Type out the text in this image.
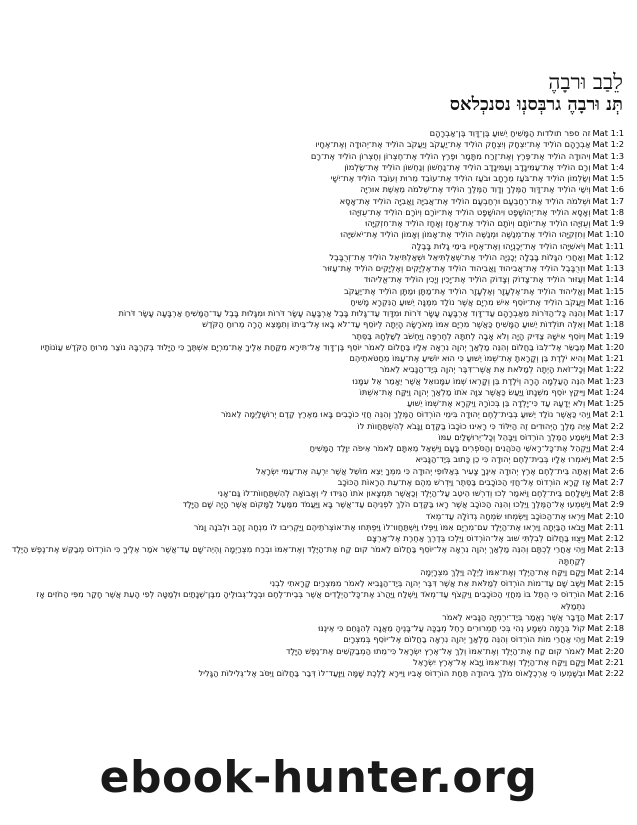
לֵבַב וּרבָהֶ
תְּנ וּרבָהֶ גרבְּסנְוּ נסנכְלאס
Mat 1:1
זה ספר תולדות הַמָּשִׁיחַ יֵשׁוּעַ בֶּן־דָּוִד בֶּן־אַבְרָהָם
Mat 1:2
אַבְרָהָם הוֹלִיד אֶת־יִצְחָק וְיִצְחָק הוֹלִיד אֶת־יַעֲקֹב וְיַעֲקֹב הוֹלִיד אֶת־יְהוּדָה וְאֶת־אֶחָיו
Mat 1:3
וִיהוּדָה הוֹלִיד אֶת־פֶּרֶץ וְאֶת־זֶרַח מִתָּמָר וּפֶרֶץ הוֹלִיד אֶת־חֶצְרוֹן וְחֶצְרוֹן הוֹלִיד אֶת־רָם
Mat 1:4
וְרָם הוֹלִיד אֶת־עַמִּינָדָב וְעַמִּינָדָב הוֹלִיד אֶת־נַחְשׁוֹן וְנַחְשׁוֹן הוֹלִיד אֶת־שַׂלְמוֹן
Mat 1:5
וְשַׂלְמוֹן הוֹלִיד אֶת־בֹּעַז מֵרָחָב וּבֹעַז הוֹלִיד אֶת־עוֹבֵד מֵרוּת וְעוֹבֵד הוֹלִיד אֶת־יִשָׁי
Mat 1:6
וְיִשַׁי הוֹלִיד אֶת־דָּוִד הַמֶּלֶךְ וְדָוִד הַמֶּלֶךְ הוֹלִיד אֶת־שְׁלֹמֹה מֵאֵשֶׁת אוּרִיָּה
Mat 1:7
וּשְׁלֹמֹה הוֹלִיד אֶת־רְחַבְעָם וּרְחַבְעָם הוֹלִיד אֶת־אֲבִיָּה וַאֲבִיָּה הוֹלִיד אֶת־אָסָא
Mat 1:8
וְאָסָא הוֹלִיד אֶת־יְהוֹשָׁפָט וִיהוֹשָׁפָט הוֹלִיד אֶת־יוֹרָם וְיוֹרָם הוֹלִיד אֶת־עֻזִּיָּהוּ
Mat 1:9
וְעֻזִּיָּהוּ הוֹלִיד אֶת־יוֹתָם וְיוֹתָם הוֹלִיד אֶת־אָחָז וְאָחָז הוֹלִיד אֶת־חִזְקִיָּהוּ
Mat 1:10
וְחִזְקִיָּהוּ הוֹלִיד אֶת־מְנַשֶּׁה וּמְנַשֶּׁה הוֹלִיד אֶת־אָמוֹן וְאָמוֹן הוֹלִיד אֶת־יֹאשִׁיָּהוּ
Mat 1:11
וְיֹאשִׁיָּהוּ הוֹלִיד אֶת־יְכָנְיָהוּ וְאֶת־אֶחָיו בִּימֵי גָלוּת בָּבֶלָה
Mat 1:12
וְאַחֲרֵי הִגָּלוֹת בָּבֶלָה יְכָנְיָה הוֹלִיד אֶת־שְׁאַלְתִּיאֵל וּשְׁאַלְתִּיאֵל הוֹלִיד אֶת־זְרֻבָּבֶל
Mat 1:13
וּזְרֻבָּבֶל הוֹלִיד אֶת־אֲבִיהוּד וַאֲבִיהוּד הוֹלִיד אֶת־אֶלְיָקִים וְאֶלְיָקִים הוֹלִיד אֶת־עַזּוּר
Mat 1:14
וְעַזּוּר הוֹלִיד אֶת־צָדוֹק וְצָדוֹק הוֹלִיד אֶת־יָכִין וְיָכִין הוֹלִיד אֶת־אֱלִיהוּד
Mat 1:15
וֶאֱלִיהוּד הוֹלִיד אֶת־אֶלְעָזָר וְאֶלְעָזָר הוֹלִיד אֶת־מַתָּן וּמַתָּן הוֹלִיד אֶת־יַעֲקֹב
Mat 1:16
וְיַעֲקֹב הוֹלִיד אֶת־יוֹסֵף אִישׁ מִרְיָם אֲשֶׁר נוֹלַד מִמֶּנָּה יֵשׁוּעַ הַנִּקְרָא מָשִׁיחַ
Mat 1:17
וְהִנֵּה כָּל־הַדֹּרוֹת מֵאַבְרָהָם עַד־דָּוִד אַרְבָּעָה עָשָׂר דֹּרוֹת וּמִדָּוִד עַד־גָּלוּת בָּבֶל אַרְבָּעָה עָשָׂר דֹּרוֹת וּמִגָּלוּת בָּבֶל עַד־הַמָּשִׁיחַ אַרְבָּעָה עָשָׂר דֹּרוֹת
Mat 1:18
וְאֵלֶּה תּוֹלְדוֹת יֵשׁוּעַ הַמָּשִׁיחַ כַּאֲשֶׁר מִרְיָם אִמּוֹ מְאֹרָשָׂה הָיְתָה לְיוֹסֵף עַד־לֹא בָאוּ אֶל־בֵּיתוֹ וְתִמָּצֵא הָרָה מֵרוּחַ הַקֹּדֶשׁ
Mat 1:19
וְיוֹסֵף אִישָׁהּ צַדִּיק הָיָה וְלֹא אָבָה לְתִתָּהּ לְחֶרְפָּה וַיַּחְשֹׁב לְשַׁלְּחָהּ בַּסֵּתֶר
Mat 1:20
מְבַשֵּׂר אֶל־לִבּוֹ בַּחֲלוֹם וְהִנֵּה מַלְאַךְ יְהוָה נִרְאָה אֵלָיו בַּחֲלוֹם לֵאמֹר יוֹסֵף בֶּן־דָּוִד אַל־תִּירָא מִקַּחַת אֵלֶיךָ אֶת־מִרְיָם אִשְׁתֶּךָ כִּי הַיָּלוּד בְּקִרְבָּהּ נוֹצַר מֵרוּחַ הַקֹּדֶשׁ עַוֹנוֹתָיו
Mat 1:21
וְהִיא יֹלֶדֶת בֵּן וְקָרָאתָ אֶת־שְׁמוֹ יֵשׁוּעַ כִּי הוּא יוֹשִׁיעַ אֶת־עַמּוֹ מֵחַטֹּאתֵיהֶם
Mat 1:22
וְכָל־זֹאת הָיְתָה לְמַלֹּאת אֵת אֲשֶׁר־דִּבֶּר יְהוָה בְּיַד־הַנָּבִיא לֵאמֹר
Mat 1:23
הִנֵּה הָעַלְמָה הָרָה וְיֹלֶדֶת בֵּן וְקָרְאוּ שְׁמוֹ עִמָּנוּאֵל אֲשֶׁר יֵאָמֵר אֵל עִמָּנוּ
Mat 1:24
וַיִּיקַץ יוֹסֵף מִשְּׁנָתוֹ וַיַּעַשׂ כַּאֲשֶׁר צִוָּה אֹתוֹ מַלְאַךְ יְהוָה וַיִּקַּח אֶת־אִשְׁתּוֹ
Mat 1:25
וְלֹא יְדָעָהּ עַד כִּי־יָלְדָה בֵּן בְּכוֹרָהּ וַיִּקְרָא אֶת־שְׁמוֹ יֵשׁוּעַ
Mat 2:1
וַיְהִי כַּאֲשֶׁר נוֹלַד יֵשׁוּעַ בְּבֵית־לֶחֶם יְהוּדָה בִּימֵי הוֹרְדוֹס הַמֶּלֶךְ וְהִנֵּה חֲזֵי כוֹכָבִים בָּאוּ מֵאֶרֶץ קֶדֶם יְרוּשָׁלַיְמָה לֵאמֹר
Mat 2:2
אַיֵּה מֶלֶךְ הַיְּהוּדִים זֶה הַיִּלּוֹד כִּי רָאִינוּ כוֹכָבוֹ בַּקֶּדֶם וַנָּבֹא לְהִשְׁתַּחֲווֹת לוֹ
Mat 2:3
וַיִּשְׁמַע הַמֶּלֶךְ הוֹרְדוֹס וַיִּבָּהֵל וְכָל־יְרוּשָׁלַיִם עִמּוֹ
Mat 2:4
וַיַּקְהֵל אֶת־כָּל־רָאשֵׁי הַכֹּהֲנִים וְהַסֹּפְרִים בָּעָם וַיִּשְׁאַל מֵאִתָּם לֵאמֹר אֵיפֹה יִוָּלֵד הַמָּשִׁיחַ
Mat 2:5
וַיֹּאמְרוּ אֵלָיו בְּבֵית־לֶחֶם יְהוּדָה כִּי כֵן כָּתוּב בְּיַד־הַנָּבִיא
Mat 2:6
וְאַתָּה בֵּית־לֶחֶם אֶרֶץ יְהוּדָה אֵינֶךָ צָעִיר בְּאַלּוּפֵי יְהוּדָה כִּי מִמְּךָ יֵצֵא מוֹשֵׁל אֲשֶׁר יִרְעֶה אֶת־עַמִּי יִשְׂרָאֵל
Mat 2:7
אָז קָרָא הוֹרְדוֹס אֶל־חֲזֵי הַכּוֹכָבִים בַּסֵּתֶר וַיִּדְרשׁ מֵהֶם אֶת־עֵת הֵרָאוֹת הַכּוֹכָב
Mat 2:8
וַיִּשְׁלָחֵם בֵּית־לֶחֶם וַיֹּאמַר לְכוּ וְדִרְשׁוּ הֵיטֵב עַל־הַיֶּלֶד וְכַאֲשֶׁר תִּמְצָאוּן אֹתוֹ הַגִּידוּ לִי וְאָבוֹאָה לְהִשְׁתַּחֲווֹת־לוֹ גַּם־אָנִי
Mat 2:9
וַיִּשְׁמְעוּ אֶל־הַמֶּלֶךְ וַיֵּלֵכוּ וְהִנֵּה הַכּוֹכָב אֲשֶׁר רָאוּ בַּקֶּדֶם הֹלֵךְ לִפְנֵיהֶם עַד־אֲשֶׁר בָּא וַיַּעֲמֹד מִמַּעַל לַמָּקוֹם אֲשֶׁר הָיָה שָׁם הַיָּלֶד
Mat 2:10
וַיִּרְאוּ אֶת־הַכּוֹכָב וַיִּשְׂמְחוּ שִׂמְחָה גְדוֹלָה עַד־מְאֹד
Mat 2:11
וַיָּבֹאוּ הַבַּיְתָה וַיִּרְאוּ אֶת־הַיֶּלֶד עִם־מִרְיָם אִמּוֹ וַיִּפְּלוּ וַיִּשְׁתַּחֲווּ־לוֹ וַיִּפְתְּחוּ אֶת־אוֹצְרֹתֵיהֶם וַיַּקְרִיבוּ לוֹ מִנְחָה זָהָב וּלְבֹנָה וָמֹר
Mat 2:12
וַיְּצֻוּוּ בַּחֲלוֹם לְבִלְתִּי שׁוּב אֶל־הוֹרְדוֹס וַיֵּלְכוּ בְּדֶרֶךְ אַחֶרֶת אֶל־אַרְצָם
Mat 2:13
וַיְהִי אַחֲרֵי לֶכְתָּם וְהִנֵּה מַלְאַךְ יְהוָה נִרְאָה אֶל־יוֹסֵף בַּחֲלוֹם לֵאמֹר קוּם קַח אֶת־הַיֶּלֶד וְאֶת־אִמּוֹ וּבְרַח מִצְרַיְמָה וֶהְיֵה־שָׁם עַד־אֲשֶׁר אֹמַר אֵלֶיךָ כִּי הוֹרְדוֹס מְבַקֵּשׁ אֶת־נֶפֶשׁ הַיֶּלֶד לְקַחְתָּהּ
Mat 2:14
וַיָּקָם וַיִּקַּח אֶת־הַיֶּלֶד וְאֶת־אִמּוֹ לַיְלָה וַיֵּלֶךְ מִצְרָיְמָה
Mat 2:15
וַיֵּשֶׁב שָׁם עַד־מוֹת הוֹרְדוֹס לְמַלֹּאת אֵת אֲשֶׁר דִּבֶּר יְהוָה בְּיַד־הַנָּבִיא לֵאמֹר מִמִּצְרַיִם קָרָאתִי לִבְנִי
Mat 2:16
הוֹרְדוֹס כִּי הֻתַּל בּוֹ מֵחֲזֵי הַכּוֹכָבִים וַיִּקְצֹף עַד־מְאֹד וַיִּשְׁלַח וַיַּהֲרֹג אֶת־כָּל־הַיְלָדִים אֲשֶׁר בְּבֵית־לֶחֶם וּבְכָל־גְּבוּלֶיהָ מִבֶּן־שְׁנָתַיִם וּלְמַטָּה לְפִי הָעֵת אֲשֶׁר חָקַר מִפִּי הַחֹזִים אָז נִתְמַלֵּא
Mat 2:17
הַדָּבָר אֲשֶׁר נֶאֱמַר בְּיַד־יִרְמְיָה הַנָּבִיא לֵאמֹר
Mat 2:18
קוֹל בְּרָמָה נִשְׁמָע נְהִי בְּכִי תַמְרוּרִים רָחֵל מְבַכָּה עַל־בָּנֶיהָ מֵאֲנָה לְהִנָּחֵם כִּי אֵינֶנּוּ
Mat 2:19
וַיְהִי אַחֲרֵי מוֹת הוֹרְדוֹס וְהִנֵּה מַלְאַךְ יְהוָה נִרְאָה בַחֲלוֹם אֶל־יוֹסֵף בְּמִצְרָיִם
Mat 2:20
לֵאמֹר קוּם קַח אֶת־הַיֶּלֶד וְאֶת־אִמּוֹ וְלֵךְ אֶל־אֶרֶץ יִשְׂרָאֵל כִּי־מֵתוּ הַמְבַקְשִׁים אֶת־נֶפֶשׁ הַיָּלֶד
Mat 2:21
וַיָּקָם וַיִּקַּח אֶת־הַיֶּלֶד וְאֶת־אִמּוֹ וַיָּבֹא אֶל־אֶרֶץ יִשְׂרָאֵל
Mat 2:22
וּבְשָׁמְעוֹ כִּי אַרְכֶלָאוֹס מֹלֵךְ בִּיהוּדָה תַּחַת הוֹרְדוֹס אָבִיו וַיִּירָא לָלֶכֶת שָׁמָּה וַיִּוָּעַד־לוֹ דְּבַר בַּחֲלוֹם וַיִּסֹּב אֶל־גְּלִילוֹת הַגָּלִיל
ebook-hunter.org
